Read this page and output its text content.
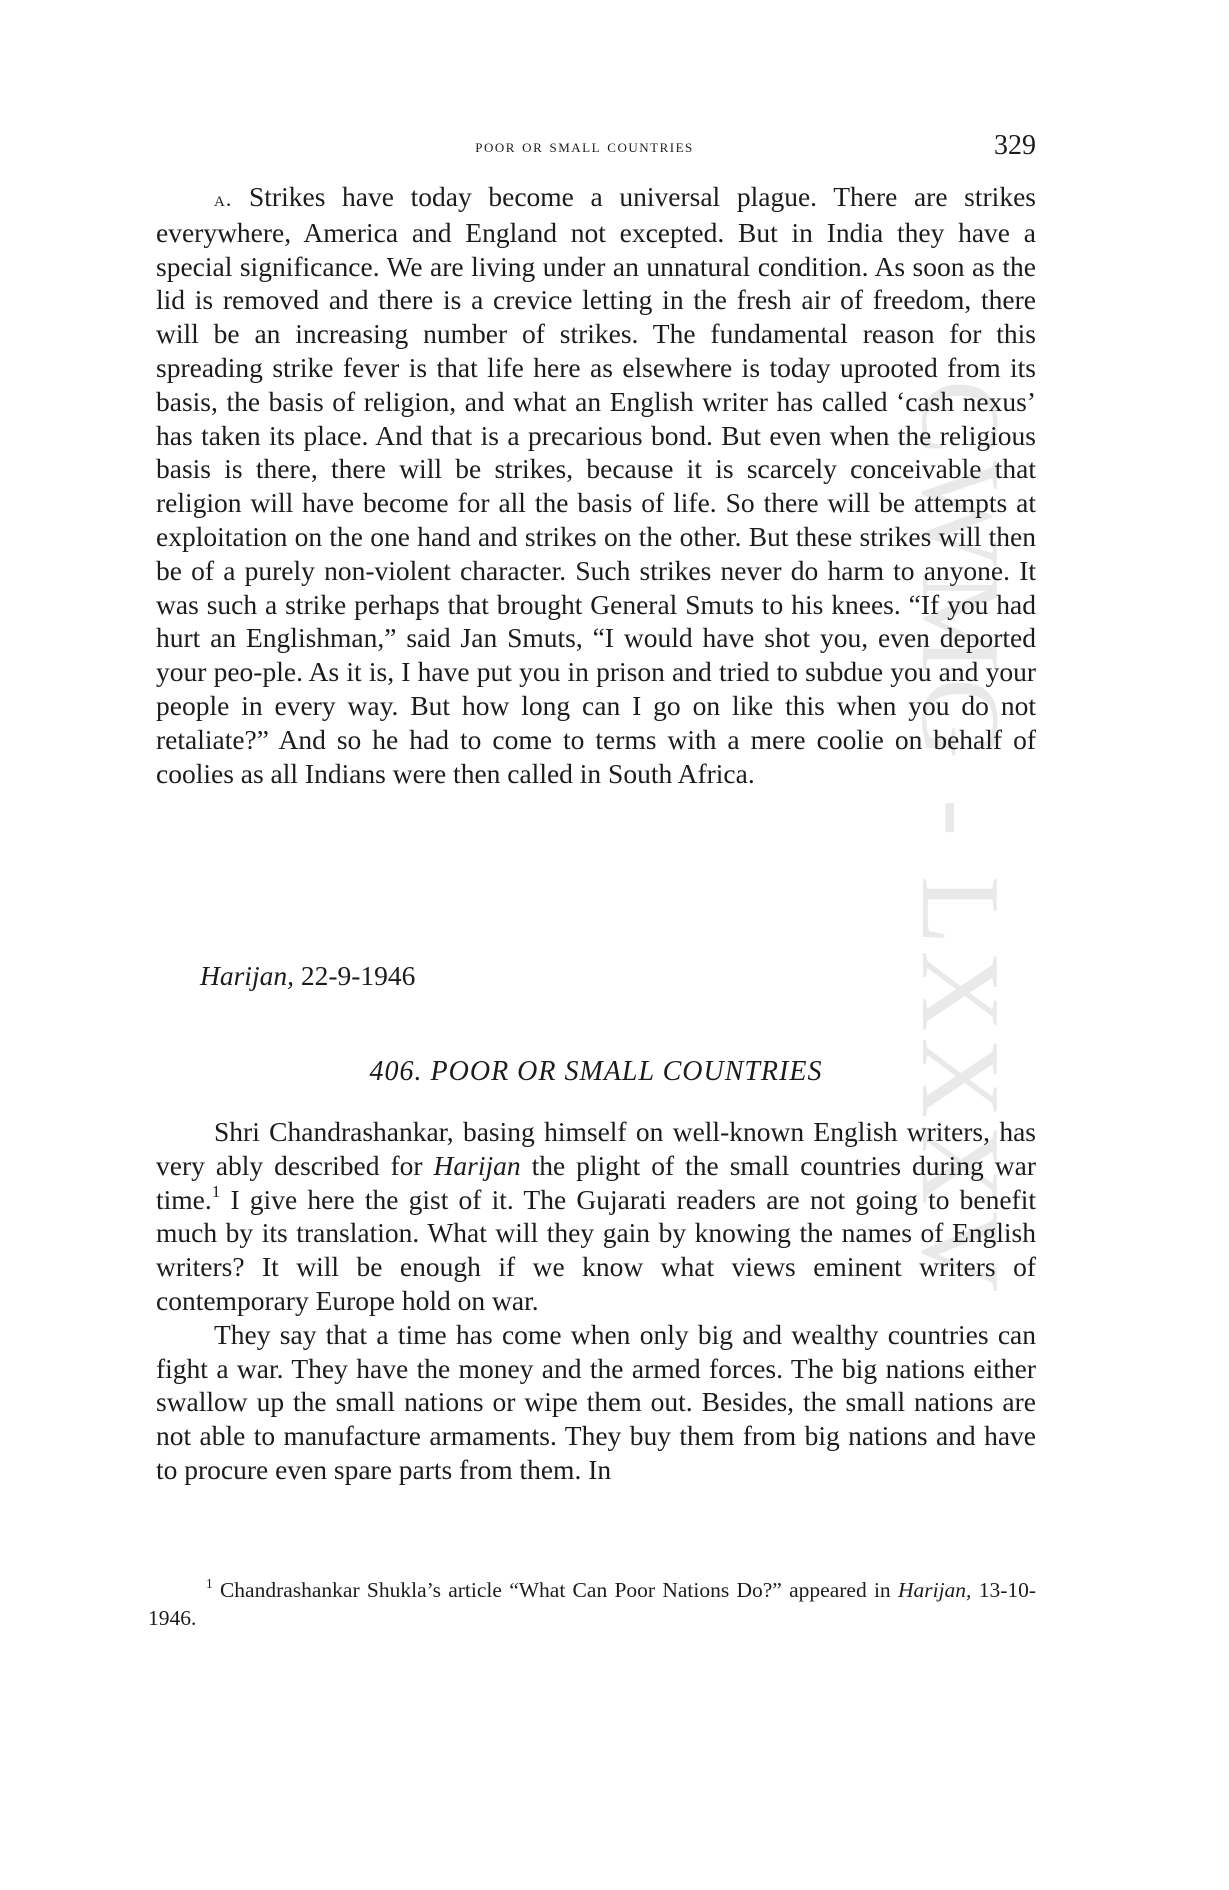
CWMG - LXXXV
poor or small countries	329

a. Strikes have today become a universal plague. There are strikes everywhere, America and England not excepted. But in India they have a special significance. We are living under an unnatural condition. As soon as the lid is removed and there is a crevice letting in the fresh air of freedom, there will be an increasing number of strikes. The fundamental reason for this spreading strike fever is that life here as elsewhere is today uprooted from its basis, the basis of religion, and what an English writer has called ‘cash nexus’ has taken its place. And that is a precarious bond. But even when the religious basis is there, there will be strikes, because it is scarcely conceivable that religion will have become for all the basis of life. So there will be attempts at exploitation on the one hand and strikes on the other. But these strikes will then be of a purely non-violent character. Such strikes never do harm to anyone. It was such a strike perhaps that brought General Smuts to his knees. “If you had hurt an Englishman,” said Jan Smuts, “I would have shot you, even deported your peo-ple. As it is, I have put you in prison and tried to subdue you and your people in every way. But how long can I go on like this when you do not retaliate?” And so he had to come to terms with a mere coolie on behalf of coolies as all Indians were then called in South Africa.

Harijan, 22-9-1946
406. POOR OR SMALL COUNTRIES

Shri Chandrashankar, basing himself on well-known English writers, has very ably described for Harijan the plight of the small countries during war time.$^1$ I give here the gist of it. The Gujarati readers are not going to benefit much by its translation. What will they gain by knowing the names of English writers? It will be enough if we know what views eminent writers of contemporary Europe hold on war.

They say that a time has come when only big and wealthy countries can fight a war. They have the money and the armed forces. The big nations either swallow up the small nations or wipe them out. Besides, the small nations are not able to manufacture armaments. They buy them from big nations and have to procure even spare parts from them. In

$^1$ Chandrashankar Shukla’s article “What Can Poor Nations Do?” appeared in Harijan, 13-10-1946.
